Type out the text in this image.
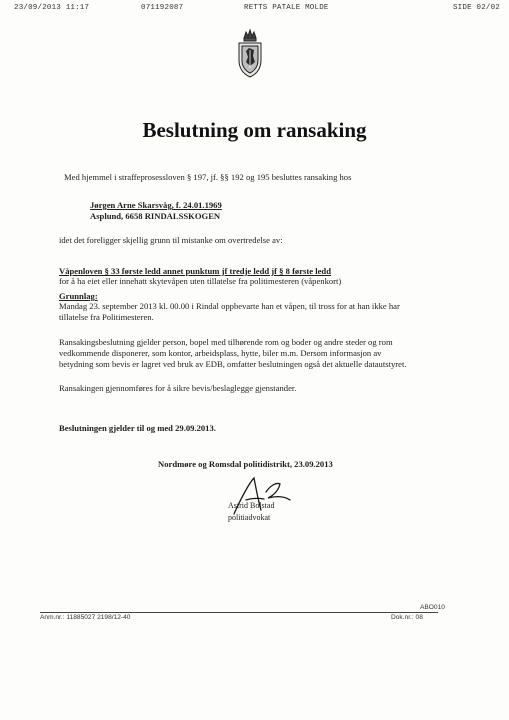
23/09/2013 11:17	071192087	RETTS PATALE MOLDE	SIDE 02/02
Beslutning om ransaking
Med hjemmel i straffeprosessloven § 197, jf. §§ 192 og 195 besluttes ransaking hos
Jørgen Arne Skarsvåg, f. 24.01.1969
Asplund, 6658 RINDALSSKOGEN
idet det foreligger skjellig grunn til mistanke om overtredelse av:
Våpenloven § 33 første ledd annet punktum jf tredje ledd jf § 8 første ledd
for å ha eiet eller innehatt skytevåpen uten tillatelse fra politimesteren (våpenkort)
Grunnlag:

Mandag 23. september 2013 kl. 00.00 i Rindal oppbevarte han et våpen, til tross for at han ikke har

tillatelse fra Politimesteren.

Ransakingsbeslutning gjelder person, bopel med tilhørende rom og boder og andre steder og rom

vedkommende disponerer, som kontor, arbeidsplass, hytte, biler m.m. Dersom informasjon av

betydning som bevis er lagret ved bruk av EDB, omfatter beslutningen også det aktuelle datautstyret.

Ransakingen gjennomføres for å sikre bevis/beslaglegge gjenstander.
Beslutningen gjelder til og med 29.09.2013.
Nordmøre og Romsdal politidistrikt, 23.09.2013
Astrid Bolstad
politiadvokat
ABO010
Anm.nr.: 11885027 2198/12-40	Dok.nr.: 08
